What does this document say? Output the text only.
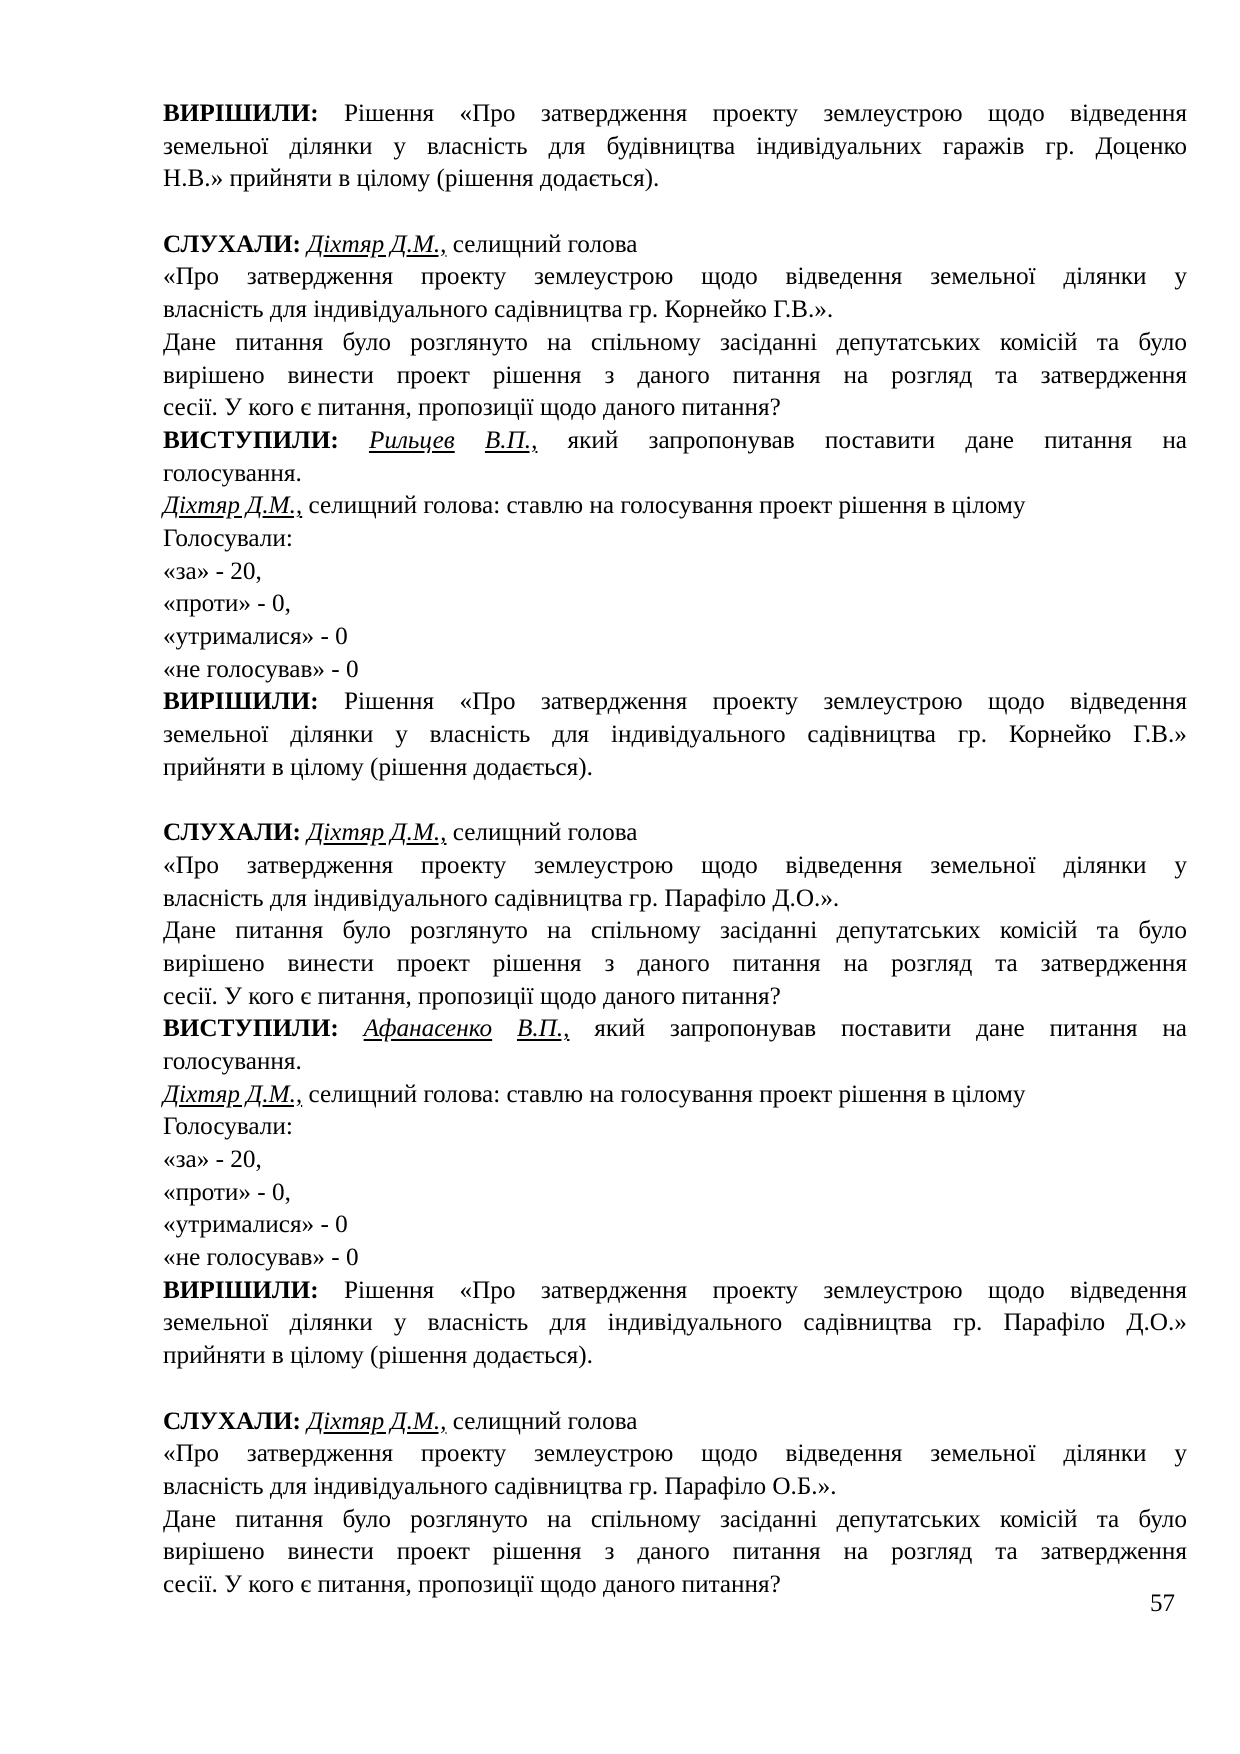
ВИРІШИЛИ: Рішення «Про затвердження проекту землеустрою щодо відведення
земельної ділянки у власність для будівництва індивідуальних гаражів гр. Доценко
Н.В.» прийняти в цілому (рішення додається).
СЛУХАЛИ: Діхтяр Д.М., селищний голова
«Про затвердження проекту землеустрою щодо відведення земельної ділянки у
власність для індивідуального садівництва гр. Корнейко Г.В.».
Дане питання було розглянуто на спільному засіданні депутатських комісій та було
вирішено винести проект рішення з даного питання на розгляд та затвердження
сесії. У кого є питання, пропозиції щодо даного питання?
ВИСТУПИЛИ: Рильцев В.П., який запропонував поставити дане питання на
голосування.
Діхтяр Д.М., селищний голова: ставлю на голосування проект рішення в цілому
Голосували:
«за» - 20,
«проти» - 0,
«утрималися» - 0
«не голосував» - 0
ВИРІШИЛИ: Рішення «Про затвердження проекту землеустрою щодо відведення
земельної ділянки у власність для індивідуального садівництва гр. Корнейко Г.В.»
прийняти в цілому (рішення додається).
СЛУХАЛИ: Діхтяр Д.М., селищний голова
«Про затвердження проекту землеустрою щодо відведення земельної ділянки у
власність для індивідуального садівництва гр. Парафіло Д.О.».
Дане питання було розглянуто на спільному засіданні депутатських комісій та було
вирішено винести проект рішення з даного питання на розгляд та затвердження
сесії. У кого є питання, пропозиції щодо даного питання?
ВИСТУПИЛИ: Афанасенко В.П., який запропонував поставити дане питання на
голосування.
Діхтяр Д.М., селищний голова: ставлю на голосування проект рішення в цілому
Голосували:
«за» - 20,
«проти» - 0,
«утрималися» - 0
«не голосував» - 0
ВИРІШИЛИ: Рішення «Про затвердження проекту землеустрою щодо відведення
земельної ділянки у власність для індивідуального садівництва гр. Парафіло Д.О.»
прийняти в цілому (рішення додається).
СЛУХАЛИ: Діхтяр Д.М., селищний голова
«Про затвердження проекту землеустрою щодо відведення земельної ділянки у
власність для індивідуального садівництва гр. Парафіло О.Б.».
Дане питання було розглянуто на спільному засіданні депутатських комісій та було
вирішено винести проект рішення з даного питання на розгляд та затвердження
сесії. У кого є питання, пропозиції щодо даного питання?
57
